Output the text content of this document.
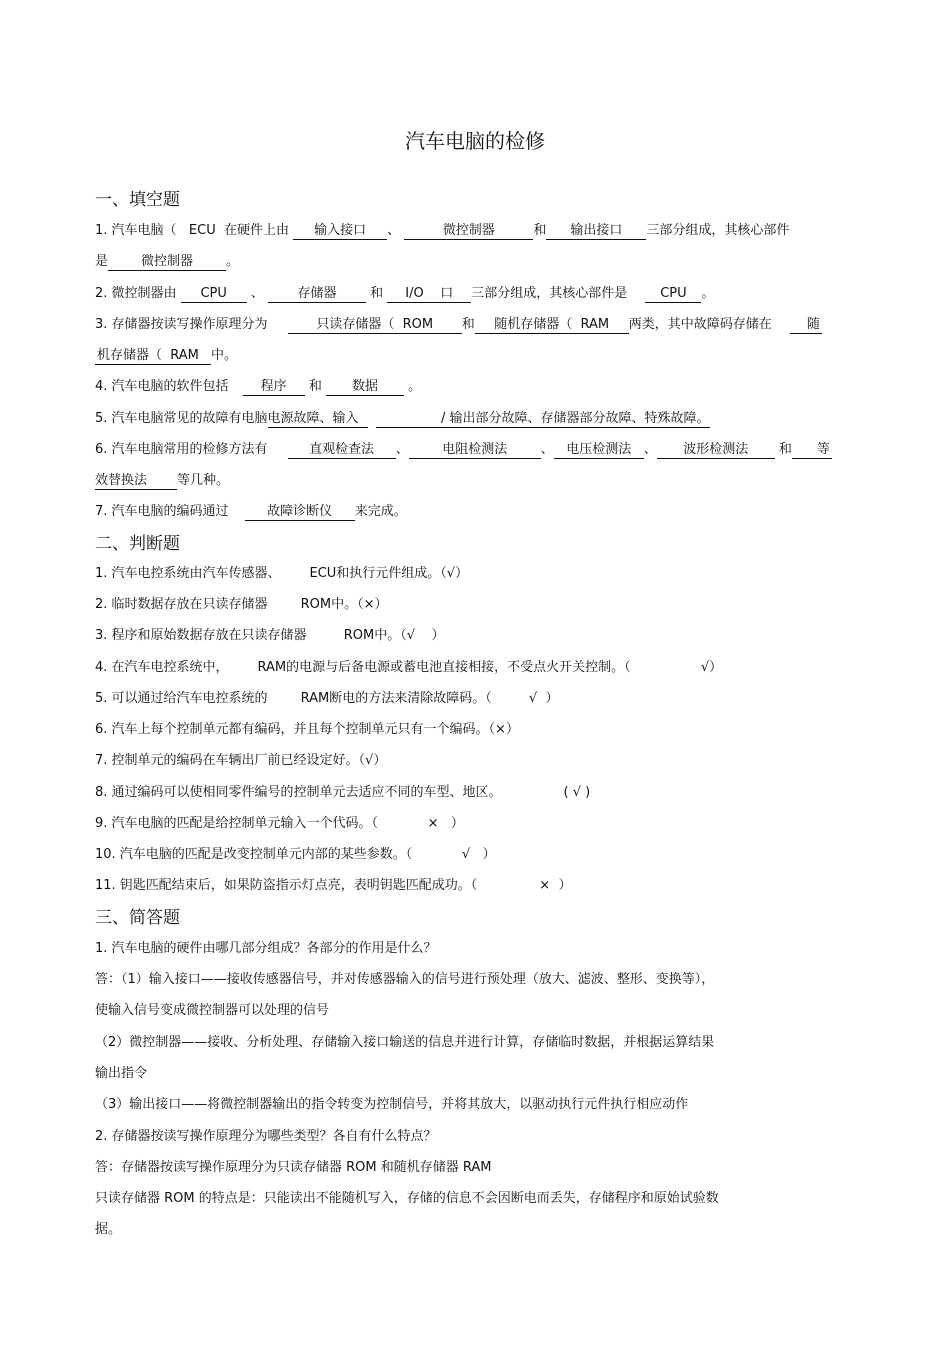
汽车电脑的检修
一、填空题
1. 汽车电脑（   ECU  在硬件上由 输入接口 、	微控制器	和 输出接口 三部分组成，其核心部件
是	微控制器	。
2. 微控制器由 CPU 、	存储器	和 I/O    口 三部分组成，其核心部件是	CPU 。
3. 存储器按读写操作原理分为	只读存储器（  ROM 和 随机存储器（  RAM 两类，其中故障码存储在	随
机存储器（  RAM 中。
4. 汽车电脑的软件包括 程序 和 数据 。
5. 汽车电脑常见的故障有电脑电源故障、输入	/ 输出部分故障、存储器部分故障、特殊故障。
6. 汽车电脑常用的检修方法有	直观检查法 、	电阻检测法	、 电压检测法 、 波形检测法 和 等
效替换法 等几种。
7. 汽车电脑的编码通过	故障诊断仪 来完成。
二、判断题
1. 汽车电控系统由汽车传感器、       ECU和执行元件组成。（√）
2. 临时数据存放在只读存储器        ROM中。（×）
3. 程序和原始数据存放在只读存储器         ROM中。（√    ）
4. 在汽车电控系统中，       RAM的电源与后备电源或蓄电池直接相接，不受点火开关控制。（                 √）
5. 可以通过给汽车电控系统的        RAM断电的方法来清除故障码。（         √  ）
6. 汽车上每个控制单元都有编码，并且每个控制单元只有一个编码。（×）
7. 控制单元的编码在车辆出厂前已经设定好。（√）
8. 通过编码可以使相同零件编号的控制单元去适应不同的车型、地区。               ( √ )
9. 汽车电脑的匹配是给控制单元输入一个代码。（            ×   ）
10. 汽车电脑的匹配是改变控制单元内部的某些参数。（            √   ）
11. 钥匙匹配结束后，如果防盗指示灯点亮，表明钥匙匹配成功。（               ×  ）
三、简答题
1. 汽车电脑的硬件由哪几部分组成？各部分的作用是什么？
答：（1）输入接口——接收传感器信号，并对传感器输入的信号进行预处理（放大、滤波、整形、变换等），
使输入信号变成微控制器可以处理的信号
（2）微控制器——接收、分析处理、存储输入接口输送的信息并进行计算，存储临时数据，并根据运算结果
输出指令
（3）输出接口——将微控制器输出的指令转变为控制信号，并将其放大，以驱动执行元件执行相应动作
2. 存储器按读写操作原理分为哪些类型？各自有什么特点？
答：存储器按读写操作原理分为只读存储器 ROM 和随机存储器 RAM
只读存储器 ROM 的特点是：只能读出不能随机写入，存储的信息不会因断电而丢失，存储程序和原始试验数
据。
